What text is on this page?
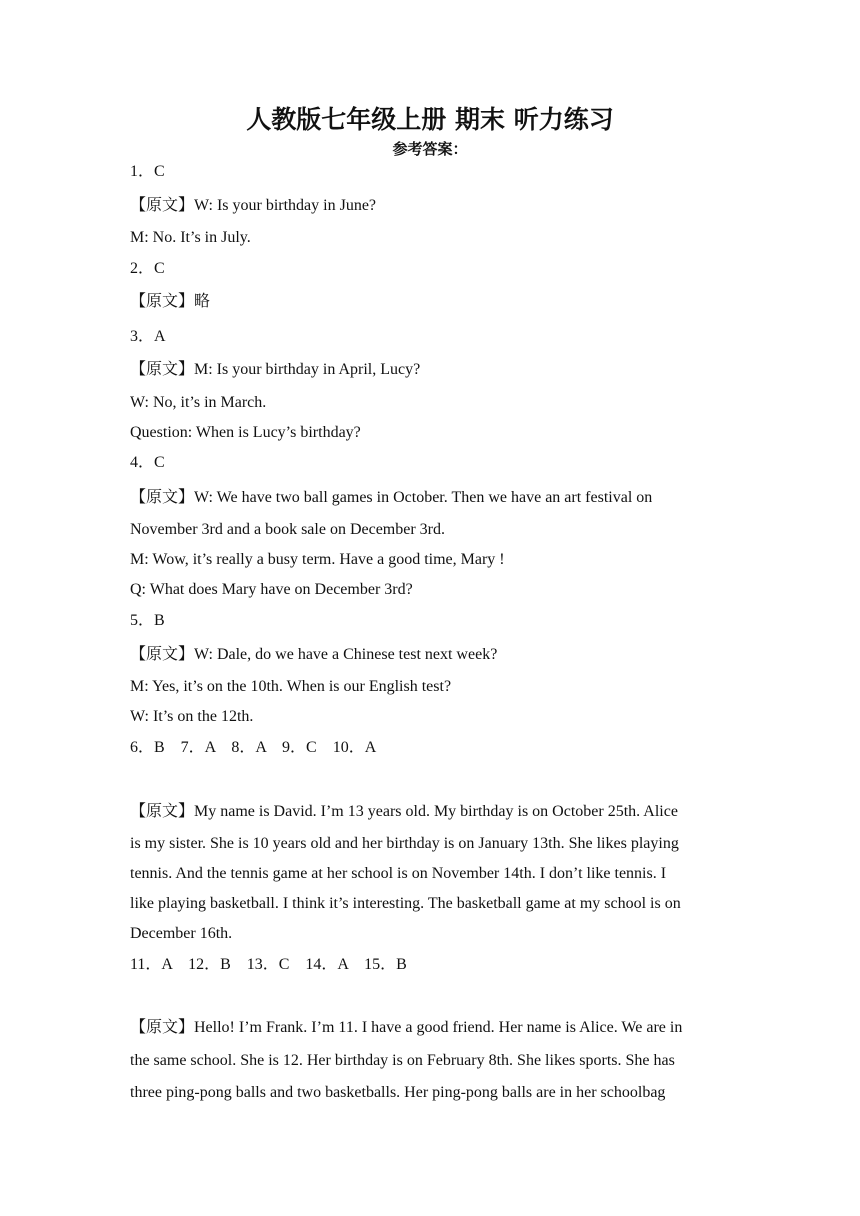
人教版七年级上册 期末 听力练习
参考答案：
1．C
【原文】W: Is your birthday in June?
M: No. It’s in July.
2．C
【原文】略
3．A
【原文】M: Is your birthday in April, Lucy?
W: No, it’s in March.
Question: When is Lucy’s birthday?
4．C
【原文】W: We have two ball games in October. Then we have an art festival on
November 3rd and a book sale on December 3rd.
M: Wow, it’s really a busy term. Have a good time, Mary !
Q: What does Mary have on December 3rd?
5．B
【原文】W: Dale, do we have a Chinese test next week?
M: Yes, it’s on the 10th. When is our English test?
W: It’s on the 12th.
6．B　7．A　8．A　9．C　10．A
【原文】My name is David. I’m 13 years old. My birthday is on October 25th. Alice
is my sister. She is 10 years old and her birthday is on January 13th. She likes playing
tennis. And the tennis game at her school is on November 14th. I don’t like tennis. I
like playing basketball. I think it’s interesting. The basketball game at my school is on
December 16th.
11．A　12．B　13．C　14．A　15．B
【原文】Hello! I’m Frank. I’m 11. I have a good friend. Her name is Alice. We are in
the same school. She is 12. Her birthday is on February 8th. She likes sports. She has
three ping-pong balls and two basketballs. Her ping-pong balls are in her schoolbag
